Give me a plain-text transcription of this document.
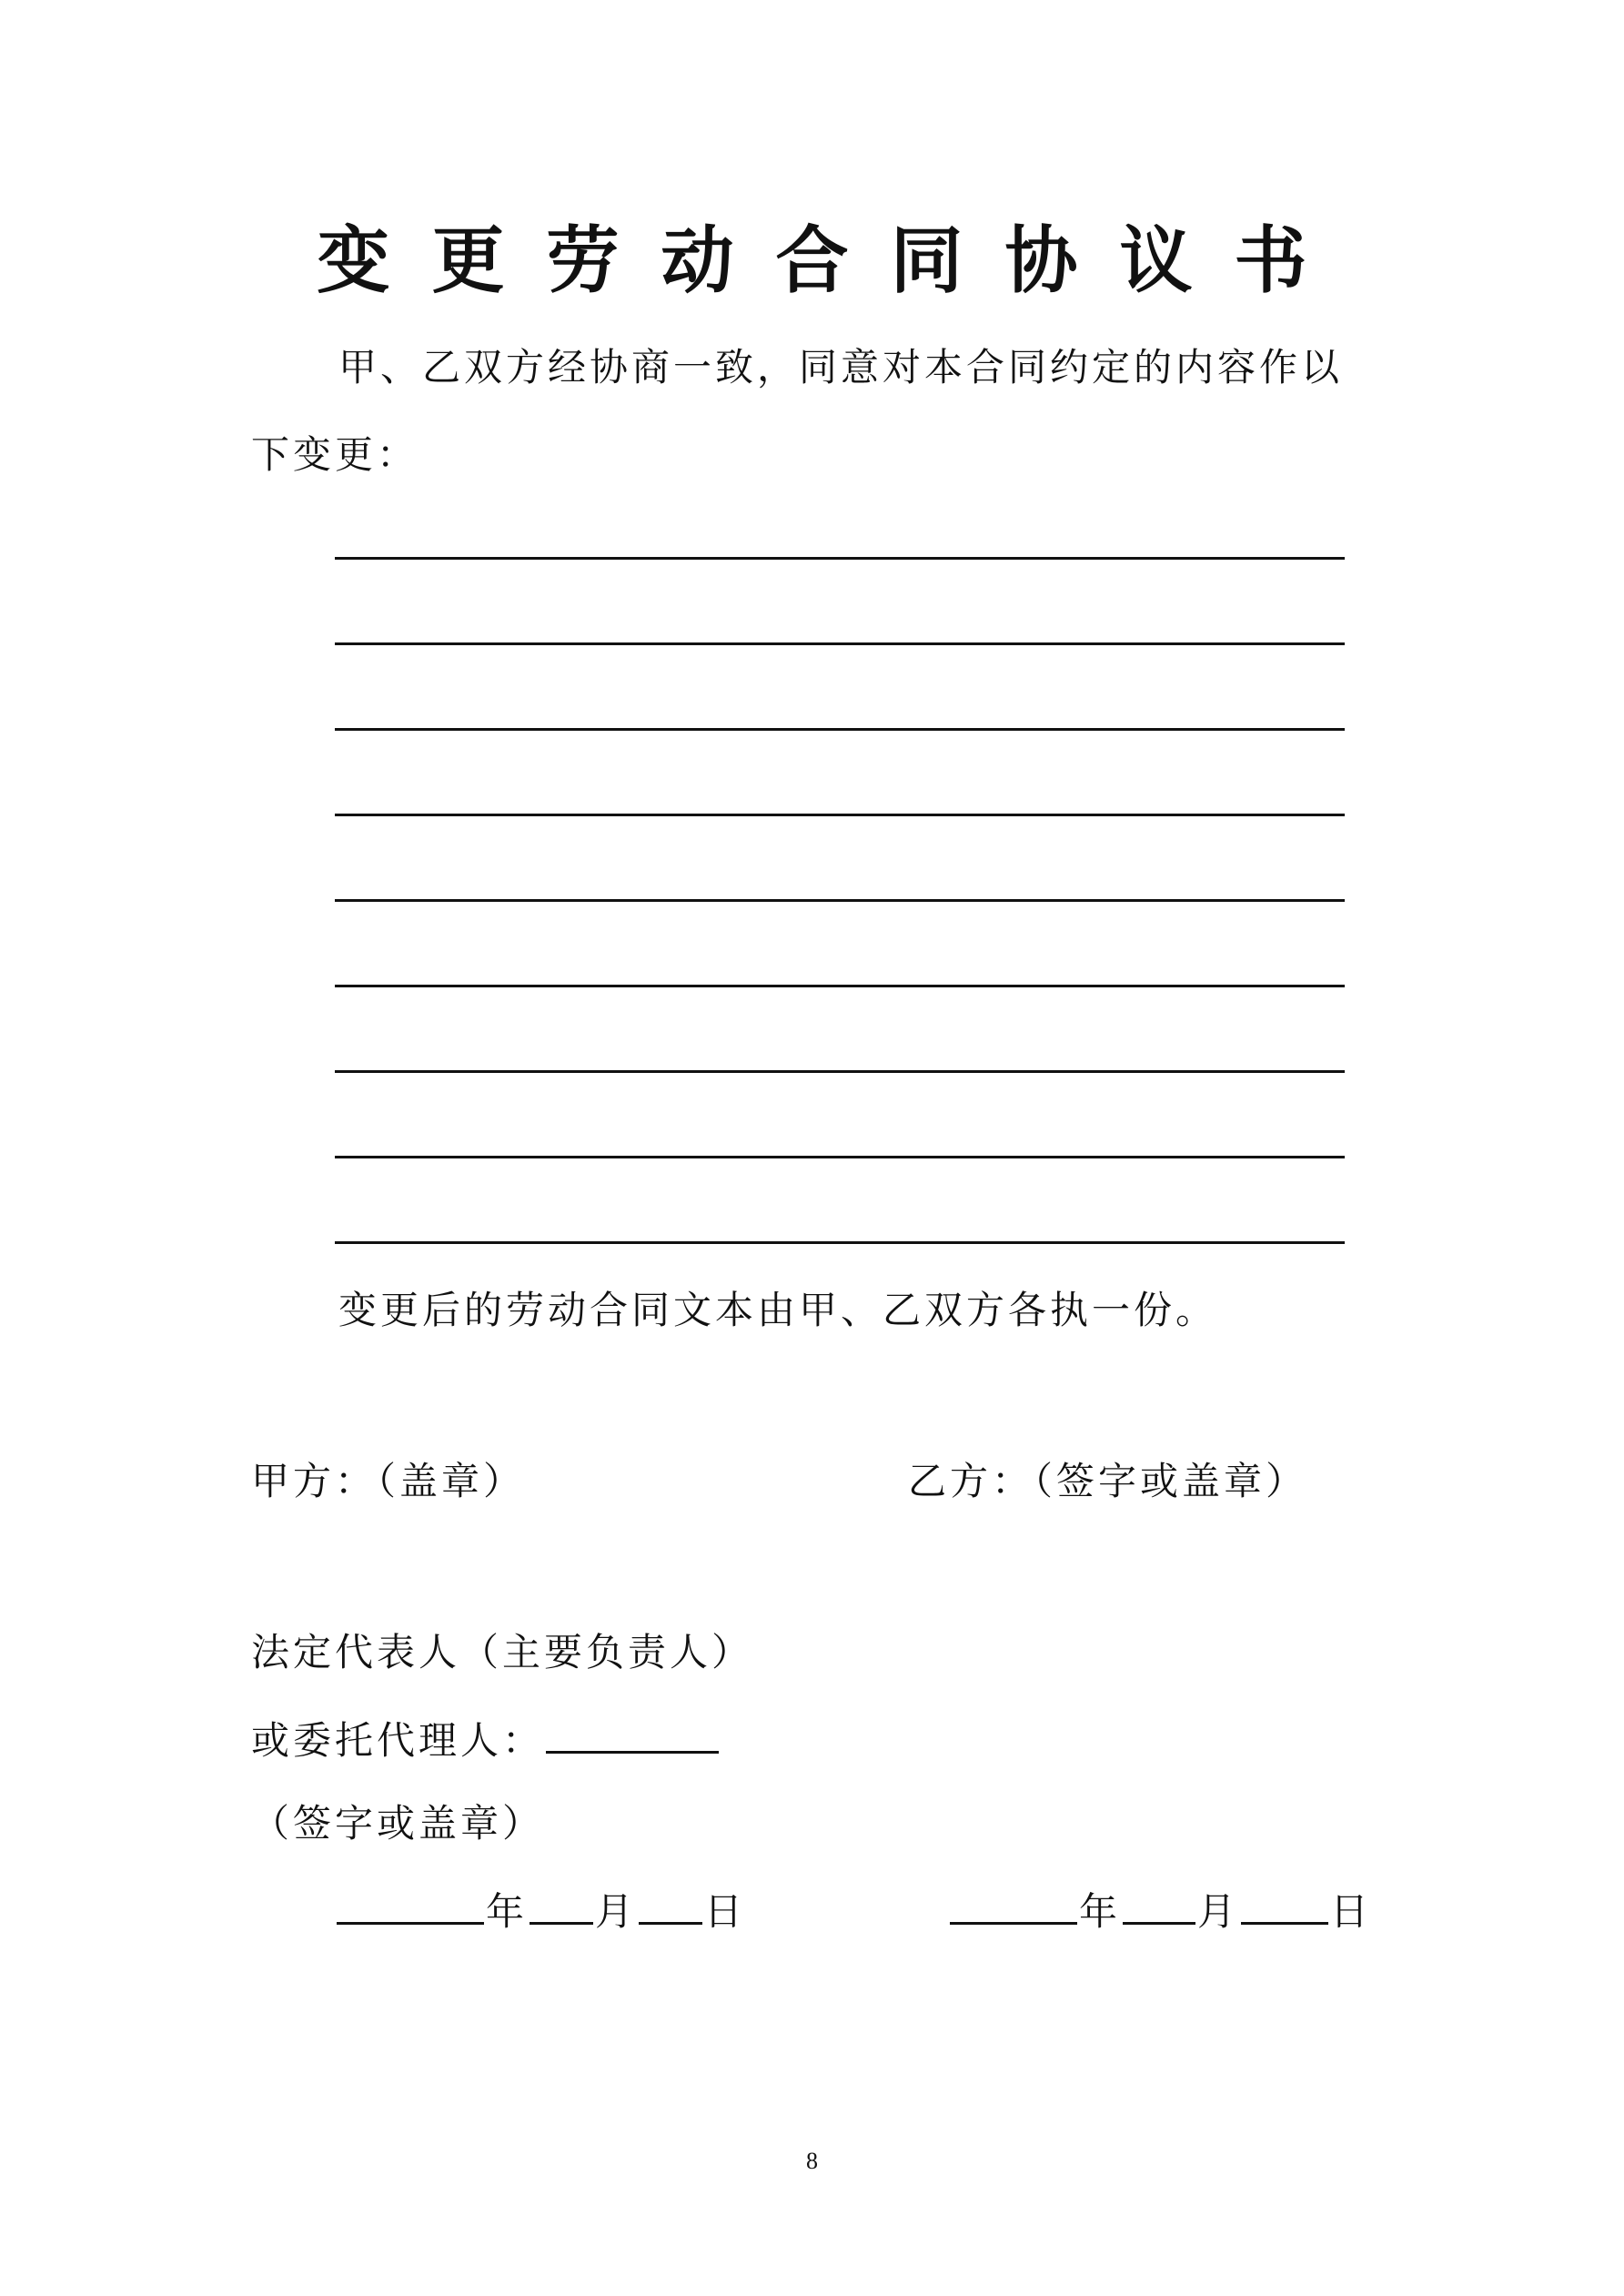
变更劳动合同协议书
甲、乙双方经协商一致，同意对本合同约定的内容作以
下变更：
变更后的劳动合同文本由甲、乙双方各执一份。
甲方：（盖章）	乙方：（签字或盖章）
法定代表人（主要负责人）
或委托代理人：
（签字或盖章）
年 月 日	年 月 日
8
